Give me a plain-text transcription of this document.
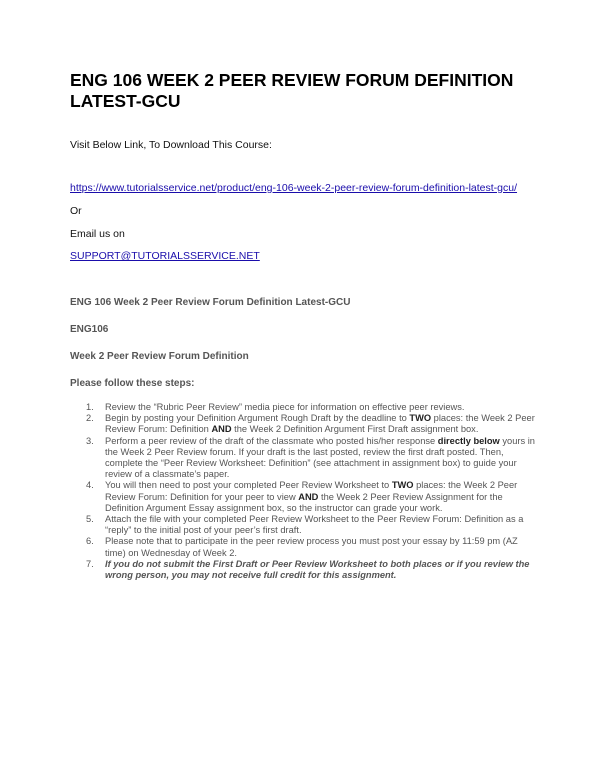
ENG 106 WEEK 2 PEER REVIEW FORUM DEFINITION LATEST-GCU
Visit Below Link, To Download This Course:
https://www.tutorialsservice.net/product/eng-106-week-2-peer-review-forum-definition-latest-gcu/
Or
Email us on
SUPPORT@TUTORIALSSERVICE.NET
ENG 106 Week 2 Peer Review Forum Definition Latest-GCU
ENG106
Week 2 Peer Review Forum Definition
Please follow these steps:
1. Review the “Rubric Peer Review” media piece for information on effective peer reviews.
2. Begin by posting your Definition Argument Rough Draft by the deadline to TWO places: the Week 2 Peer Review Forum: Definition AND the Week 2 Definition Argument First Draft assignment box.
3. Perform a peer review of the draft of the classmate who posted his/her response directly below yours in the Week 2 Peer Review forum. If your draft is the last posted, review the first draft posted. Then, complete the “Peer Review Worksheet: Definition” (see attachment in assignment box) to guide your review of a classmate’s paper.
4. You will then need to post your completed Peer Review Worksheet to TWO places: the Week 2 Peer Review Forum: Definition for your peer to view AND the Week 2 Peer Review Assignment for the Definition Argument Essay assignment box, so the instructor can grade your work.
5. Attach the file with your completed Peer Review Worksheet to the Peer Review Forum: Definition as a “reply” to the initial post of your peer’s first draft.
6. Please note that to participate in the peer review process you must post your essay by 11:59 pm (AZ time) on Wednesday of Week 2.
7. If you do not submit the First Draft or Peer Review Worksheet to both places or if you review the wrong person, you may not receive full credit for this assignment.
